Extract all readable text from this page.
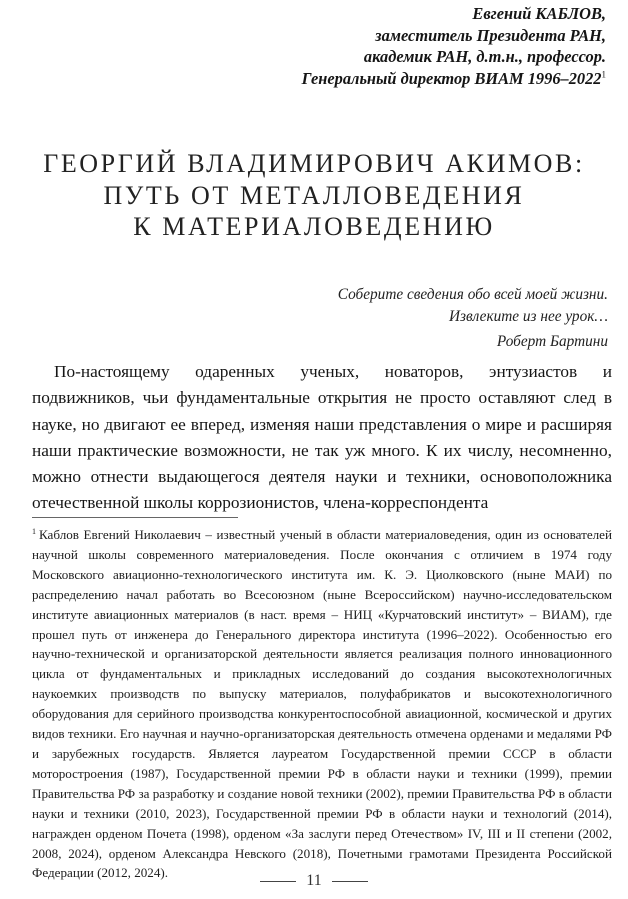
Евгений КАБЛОВ,
заместитель Президента РАН,
академик РАН, д.т.н., профессор.
Генеральный директор ВИАМ 1996–2022$^1$
ГЕОРГИЙ ВЛАДИМИРОВИЧ АКИМОВ:
ПУТЬ ОТ МЕТАЛЛОВЕДЕНИЯ
К МАТЕРИАЛОВЕДЕНИЮ
Соберите сведения обо всей моей жизни.
Извлеките из нее урок…
Роберт Бартини

По-настоящему одаренных ученых, новаторов, энтузиастов и подвижников, чьи фундаментальные открытия не просто оставляют след в науке, но двигают ее вперед, изменяя наши представления о мире и расширяя наши практические возможности, не так уж много. К их числу, несомненно, можно отнести выдающегося деятеля науки и техники, основоположника отечественной школы коррозионистов, члена-корреспондента

$^1$ Каблов Евгений Николаевич – известный ученый в области материаловедения, один из основателей научной школы современного материаловедения. После окончания с отличием в 1974 году Московского авиационно-технологического института им. К. Э. Циолковского (ныне МАИ) по распределению начал работать во Всесоюзном (ныне Всероссийском) научно-исследовательском институте авиационных материалов (в наст. время – НИЦ «Курчатовский институт» – ВИАМ), где прошел путь от инженера до Генерального директора института (1996–2022). Особенностью его научно-технической и организаторской деятельности является реализация полного инновационного цикла от фундаментальных и прикладных исследований до создания высокотехнологичных наукоемких производств по выпуску материалов, полуфабрикатов и высокотехнологичного оборудования для серийного производства конкурентоспособной авиационной, космической и других видов техники. Его научная и научно-организаторская деятельность отмечена орденами и медалями РФ и зарубежных государств. Является лауреатом Государственной премии СССР в области моторостроения (1987), Государственной премии РФ в области науки и техники (1999), премии Правительства РФ за разработку и создание новой техники (2002), премии Правительства РФ в области науки и техники (2010, 2023), Государственной премии РФ в области науки и технологий (2014), награжден орденом Почета (1998), орденом «За заслуги перед Отечеством» IV, III и II степени (2002, 2008, 2024), орденом Александра Невского (2018), Почетными грамотами Президента Российской Федерации (2012, 2024).	11
